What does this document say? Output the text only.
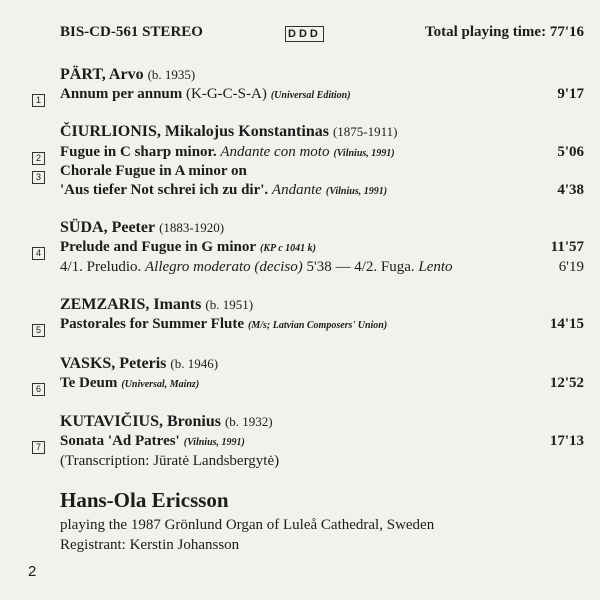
BIS-CD-561 STEREO	DDD	Total playing time: 77'16
PÄRT, Arvo (b. 1935)
1 Annum per annum (K-G-C-S-A) (Universal Edition)	9'17
ČIURLIONIS, Mikalojus Konstantinas (1875-1911)
2 Fugue in C sharp minor. Andante con moto (Vilnius, 1991)	5'06
3 Chorale Fugue in A minor on
'Aus tiefer Not schrei ich zu dir'. Andante (Vilnius, 1991)	4'38
SÜDA, Peeter (1883-1920)
4 Prelude and Fugue in G minor (KP c 1041 k)	11'57
4/1. Preludio. Allegro moderato (deciso) 5'38 — 4/2. Fuga. Lento	6'19
ZEMZARIS, Imants (b. 1951)
5 Pastorales for Summer Flute (M/s; Latvian Composers' Union)	14'15
VASKS, Peteris (b. 1946)
6 Te Deum (Universal, Mainz)	12'52
KUTAVIČIUS, Bronius (b. 1932)
7 Sonata 'Ad Patres' (Vilnius, 1991)	17'13
(Transcription: Jūratė Landsbergytė)
Hans-Ola Ericsson
playing the 1987 Grönlund Organ of Luleå Cathedral, Sweden
Registrant: Kerstin Johansson
2
